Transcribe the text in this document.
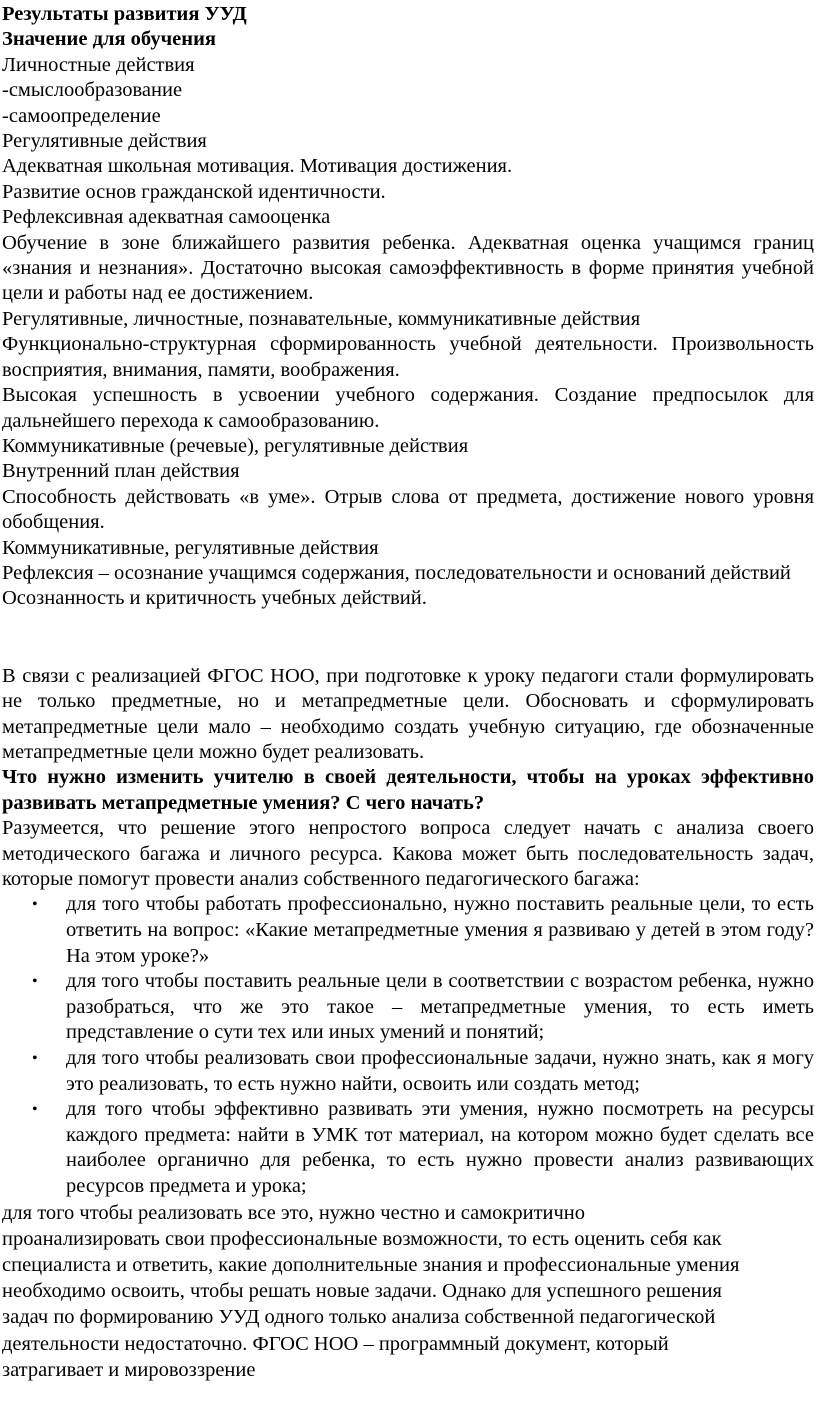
Результаты развития УУД
Значение для обучения
Личностные действия
-смыслообразование
-самоопределение
Регулятивные действия
Адекватная школьная мотивация. Мотивация достижения.
Развитие основ гражданской идентичности.
Рефлексивная адекватная самооценка

Обучение в зоне ближайшего развития ребенка. Адекватная оценка учащимся границ «знания и незнания». Достаточно высокая самоэффективность в форме принятия учебной цели и работы над ее достижением.

Регулятивные, личностные, познавательные, коммуникативные действия

Функционально-структурная сформированность учебной деятельности. Произвольность восприятия, внимания, памяти, воображения.

Высокая успешность в усвоении учебного содержания. Создание предпосылок для дальнейшего перехода к самообразованию.

Коммуникативные (речевые), регулятивные действия
Внутренний план действия

Способность действовать «в уме». Отрыв слова от предмета, достижение нового уровня обобщения.

Коммуникативные, регулятивные действия

Рефлексия – осознание учащимся содержания, последовательности и оснований действий

Осознанность и критичность учебных действий.

В связи с реализацией ФГОС НОО, при подготовке к уроку педагоги стали формулировать не только предметные, но и метапредметные цели. Обосновать и сформулировать метапредметные цели мало – необходимо создать учебную ситуацию, где обозначенные метапредметные цели можно будет реализовать.

Что нужно изменить учителю в своей деятельности, чтобы на уроках эффективно развивать метапредметные умения? С чего начать?

Разумеется, что решение этого непростого вопроса следует начать с анализа своего методического багажа и личного ресурса. Какова может быть последовательность задач, которые помогут провести анализ собственного педагогического багажа:

• для того чтобы работать профессионально, нужно поставить реальные цели, то есть ответить на вопрос: «Какие метапредметные умения я развиваю у детей в этом году? На этом уроке?»
• для того чтобы поставить реальные цели в соответствии с возрастом ребенка, нужно разобраться, что же это такое – метапредметные умения, то есть иметь представление о сути тех или иных умений и понятий;
• для того чтобы реализовать свои профессиональные задачи, нужно знать, как я могу это реализовать, то есть нужно найти, освоить или создать метод;
• для того чтобы эффективно развивать эти умения, нужно посмотреть на ресурсы каждого предмета: найти в УМК тот материал, на котором можно будет сделать все наиболее органично для ребенка, то есть нужно провести анализ развивающих ресурсов предмета и урока;
для того чтобы реализовать все это, нужно честно и самокритично
проанализировать свои профессиональные возможности, то есть оценить себя как
специалиста и ответить, какие дополнительные знания и профессиональные умения
необходимо освоить, чтобы решать новые задачи. Однако для успешного решения
задач по формированию УУД одного только анализа собственной педагогической
деятельности недостаточно. ФГОС НОО – программный документ, который
затрагивает и мировоззрение
